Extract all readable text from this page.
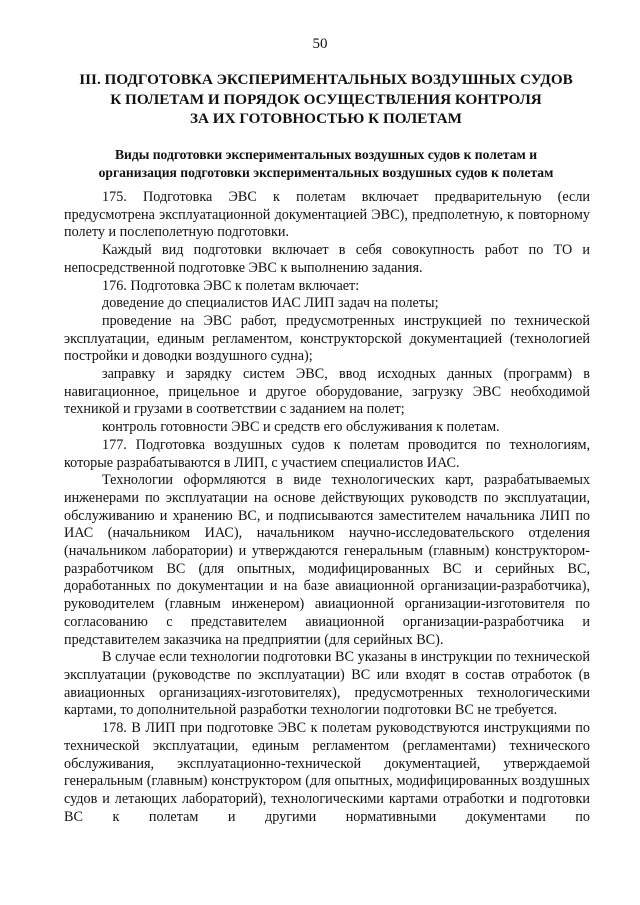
50
III. ПОДГОТОВКА ЭКСПЕРИМЕНТАЛЬНЫХ ВОЗДУШНЫХ СУДОВ
К ПОЛЕТАМ И ПОРЯДОК ОСУЩЕСТВЛЕНИЯ КОНТРОЛЯ
ЗА ИХ ГОТОВНОСТЬЮ К ПОЛЕТАМ
Виды подготовки экспериментальных воздушных судов к полетам и
организация подготовки экспериментальных воздушных судов к полетам

175. Подготовка ЭВС к полетам включает предварительную (если предусмотрена эксплуатационной документацией ЭВС), предполетную, к повторному полету и послеполетную подготовки.

Каждый вид подготовки включает в себя совокупность работ по ТО и непосредственной подготовке ЭВС к выполнению задания.

176. Подготовка ЭВС к полетам включает:

доведение до специалистов ИАС ЛИП задач на полеты;

проведение на ЭВС работ, предусмотренных инструкцией по технической эксплуатации, единым регламентом, конструкторской документацией (технологией постройки и доводки воздушного судна);

заправку и зарядку систем ЭВС, ввод исходных данных (программ) в навигационное, прицельное и другое оборудование, загрузку ЭВС необходимой техникой и грузами в соответствии с заданием на полет;

контроль готовности ЭВС и средств его обслуживания к полетам.

177. Подготовка воздушных судов к полетам проводится по технологиям, которые разрабатываются в ЛИП, с участием специалистов ИАС.

Технологии оформляются в виде технологических карт, разрабатываемых инженерами по эксплуатации на основе действующих руководств по эксплуатации, обслуживанию и хранению ВС, и подписываются заместителем начальника ЛИП по ИАС (начальником ИАС), начальником научно-исследовательского отделения (начальником лаборатории) и утверждаются генеральным (главным) конструктором-разработчиком ВС (для опытных, модифицированных ВС и серийных ВС, доработанных по документации и на базе авиационной организации-разработчика), руководителем (главным инженером) авиационной организации-изготовителя по согласованию с представителем авиационной организации-разработчика и представителем заказчика на предприятии (для серийных ВС).

В случае если технологии подготовки ВС указаны в инструкции по технической эксплуатации (руководстве по эксплуатации) ВС или входят в состав отработок (в авиационных организациях-изготовителях), предусмотренных технологическими картами, то дополнительной разработки технологии подготовки ВС не требуется.

178. В ЛИП при подготовке ЭВС к полетам руководствуются инструкциями по технической эксплуатации, единым регламентом (регламентами) технического обслуживания, эксплуатационно-технической документацией, утверждаемой генеральным (главным) конструктором (для опытных, модифицированных воздушных судов и летающих лабораторий), технологическими картами отработки и подготовки ВС к полетам и другими нормативными документами по
